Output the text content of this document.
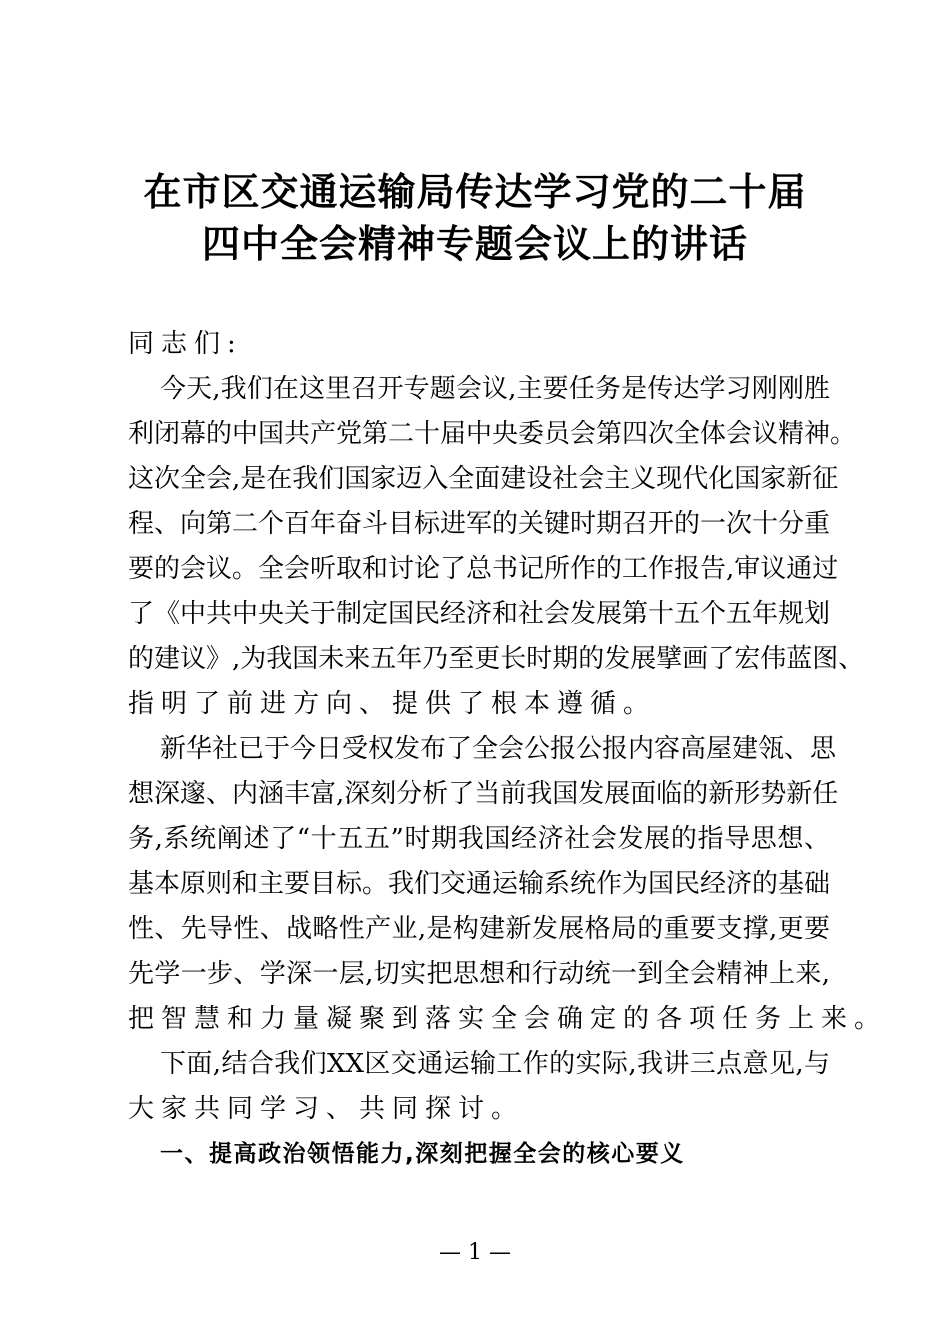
在市区交通运输局传达学习党的二十届
四中全会精神专题会议上的讲话
同志们:
今天,我们在这里召开专题会议,主要任务是传达学习刚刚胜
利闭幕的中国共产党第二十届中央委员会第四次全体会议精神。
这次全会,是在我们国家迈入全面建设社会主义现代化国家新征
程、向第二个百年奋斗目标进军的关键时期召开的一次十分重
要的会议。全会听取和讨论了总书记所作的工作报告,审议通过
了《中共中央关于制定国民经济和社会发展第十五个五年规划
的建议》,为我国未来五年乃至更长时期的发展擘画了宏伟蓝图、
指明了前进方向、提供了根本遵循。
新华社已于今日受权发布了全会公报公报内容高屋建瓴、思
想深邃、内涵丰富,深刻分析了当前我国发展面临的新形势新任
务,系统阐述了“十五五”时期我国经济社会发展的指导思想、
基本原则和主要目标。我们交通运输系统作为国民经济的基础
性、先导性、战略性产业,是构建新发展格局的重要支撑,更要
先学一步、学深一层,切实把思想和行动统一到全会精神上来,
把智慧和力量凝聚到落实全会确定的各项任务上来。
下面,结合我们XX区交通运输工作的实际,我讲三点意见,与
大家共同学习、共同探讨。
一、提高政治领悟能力,深刻把握全会的核心要义
— 1 —
